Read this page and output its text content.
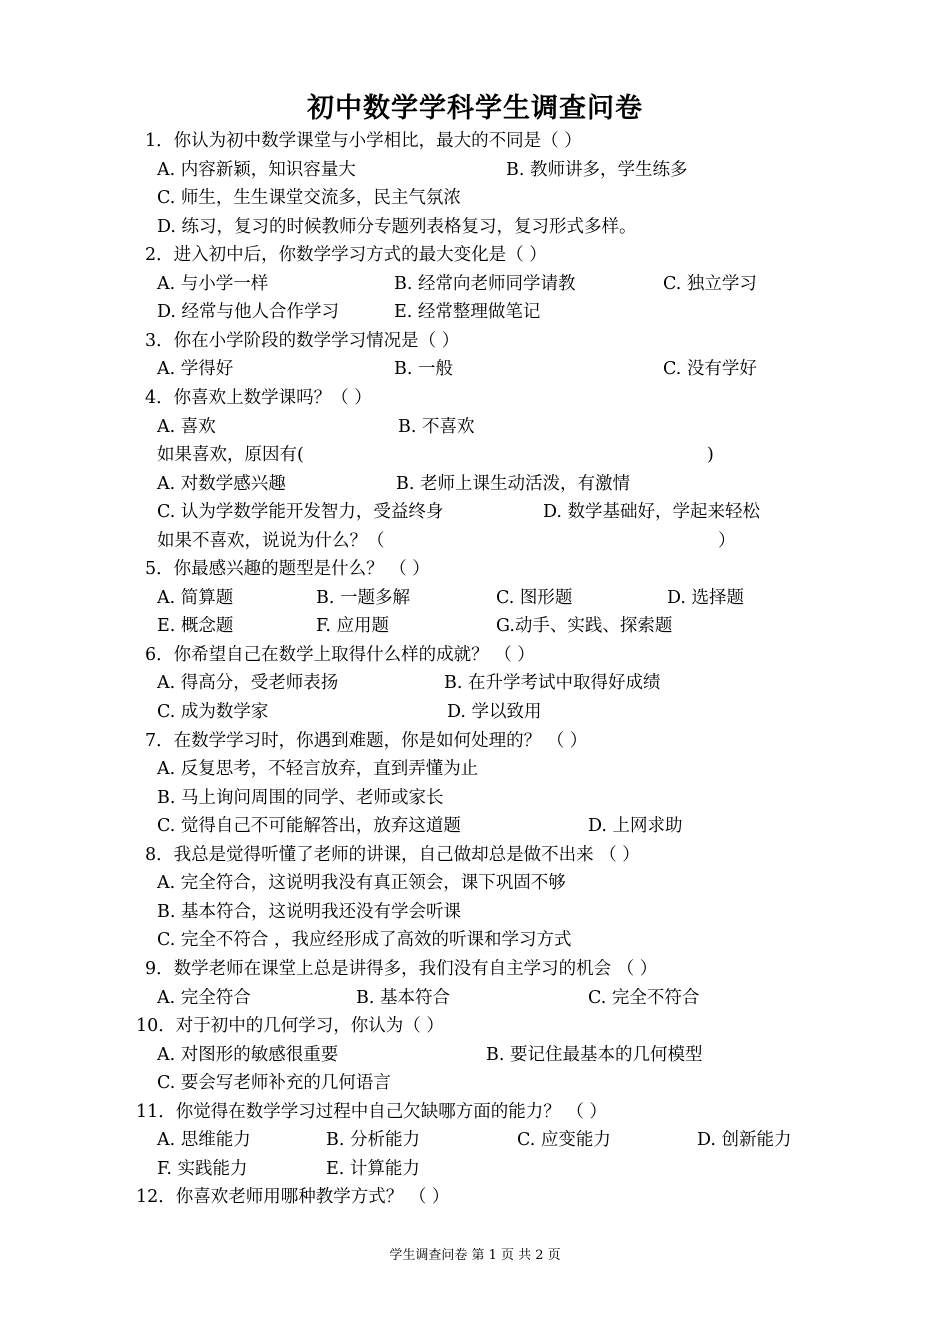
初中数学学科学生调查问卷
1．你认为初中数学课堂与小学相比，最大的不同是（ ）
A. 内容新颖，知识容量大	B. 教师讲多，学生练多
C. 师生，生生课堂交流多，民主气氛浓
D. 练习，复习的时候教师分专题列表格复习，复习形式多样。
2．进入初中后，你数学学习方式的最大变化是（ ）
A. 与小学一样	B. 经常向老师同学请教	C. 独立学习
D. 经常与他人合作学习	E. 经常整理做笔记
3．你在小学阶段的数学学习情况是（ ）
A. 学得好	B. 一般	C. 没有学好
4．你喜欢上数学课吗？（ ）
A. 喜欢	B. 不喜欢
如果喜欢，原因有(	)
A. 对数学感兴趣	B. 老师上课生动活泼，有激情
C. 认为学数学能开发智力，受益终身	D. 数学基础好，学起来轻松
如果不喜欢，说说为什么？（	）
5．你最感兴趣的题型是什么？ （ ）
A. 简算题	B. 一题多解	C. 图形题	D. 选择题
E. 概念题	F. 应用题	G.动手、实践、探索题
6．你希望自己在数学上取得什么样的成就？ （ ）
A. 得高分，受老师表扬	B. 在升学考试中取得好成绩
C. 成为数学家	D. 学以致用
7．在数学学习时，你遇到难题，你是如何处理的？ （ ）
A. 反复思考，不轻言放弃，直到弄懂为止
B. 马上询问周围的同学、老师或家长
C. 觉得自己不可能解答出，放弃这道题	D. 上网求助
8．我总是觉得听懂了老师的讲课，自己做却总是做不出来 （ ）
A. 完全符合，这说明我没有真正领会，课下巩固不够
B. 基本符合，这说明我还没有学会听课
C. 完全不符合 ，我应经形成了高效的听课和学习方式
9．数学老师在课堂上总是讲得多，我们没有自主学习的机会 （ ）
A. 完全符合	B. 基本符合	C. 完全不符合
10．对于初中的几何学习，你认为（ ）
A. 对图形的敏感很重要	B. 要记住最基本的几何模型
C. 要会写老师补充的几何语言
11．你觉得在数学学习过程中自己欠缺哪方面的能力？ （ ）
A. 思维能力	B. 分析能力	C. 应变能力	D. 创新能力
F. 实践能力	E. 计算能力
12．你喜欢老师用哪种教学方式？ （ ）
学生调查问卷 第 1 页 共 2 页
